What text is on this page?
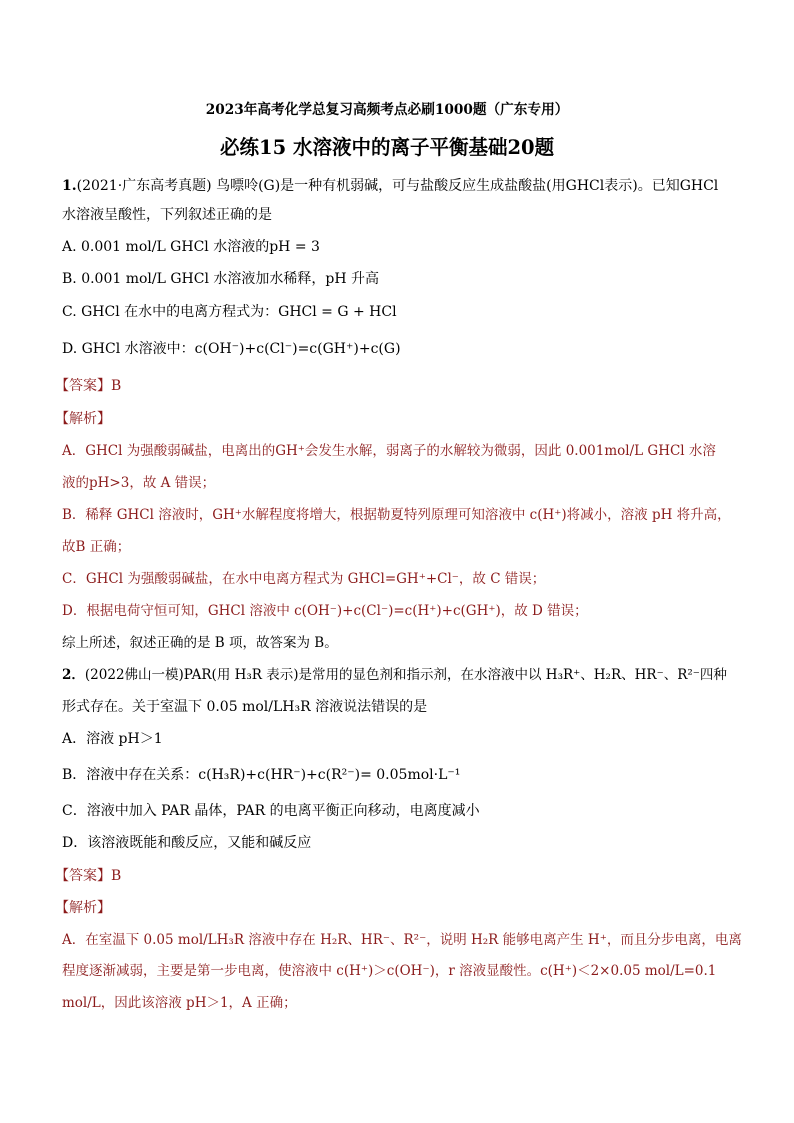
2023年高考化学总复习高频考点必刷1000题（广东专用）
必练15 水溶液中的离子平衡基础20题
1.(2021·广东高考真题) 鸟嘌呤(G)是一种有机弱碱，可与盐酸反应生成盐酸盐(用GHCl表示)。已知GHCl
水溶液呈酸性，下列叙述正确的是
A. 0.001 mol/L GHCl 水溶液的pH = 3
B. 0.001 mol/L GHCl 水溶液加水稀释，pH 升高
C. GHCl 在水中的电离方程式为：GHCl = G + HCl
D. GHCl 水溶液中：c(OH⁻)+c(Cl⁻)=c(GH⁺)+c(G)
【答案】B
【解析】
A．GHCl 为强酸弱碱盐，电离出的GH⁺会发生水解，弱离子的水解较为微弱，因此 0.001mol/L GHCl 水溶
液的pH>3，故 A 错误；
B．稀释 GHCl 溶液时，GH⁺水解程度将增大，根据勒夏特列原理可知溶液中 c(H⁺)将减小，溶液 pH 将升高，
故B 正确；
C．GHCl 为强酸弱碱盐，在水中电离方程式为 GHCl=GH⁺+Cl⁻，故 C 错误；
D．根据电荷守恒可知，GHCl 溶液中 c(OH⁻)+c(Cl⁻)=c(H⁺)+c(GH⁺)，故 D 错误；
综上所述，叙述正确的是 B 项，故答案为 B。
2．(2022佛山一模)PAR(用 H₃R 表示)是常用的显色剂和指示剂，在水溶液中以 H₃R⁺、H₂R、HR⁻、R²⁻四种
形式存在。关于室温下 0.05 mol/LH₃R 溶液说法错误的是
A．溶液 pH＞1
B．溶液中存在关系：c(H₃R)+c(HR⁻)+c(R²⁻)= 0.05mol·L⁻¹
C．溶液中加入 PAR 晶体，PAR 的电离平衡正向移动，电离度减小
D．该溶液既能和酸反应，又能和碱反应
【答案】B
【解析】
A．在室温下 0.05 mol/LH₃R 溶液中存在 H₂R、HR⁻、R²⁻，说明 H₂R 能够电离产生 H⁺，而且分步电离，电离
程度逐渐减弱，主要是第一步电离，使溶液中 c(H⁺)＞c(OH⁻)，r 溶液显酸性。c(H⁺)＜2×0.05 mol/L=0.1
mol/L，因此该溶液 pH＞1，A 正确；
